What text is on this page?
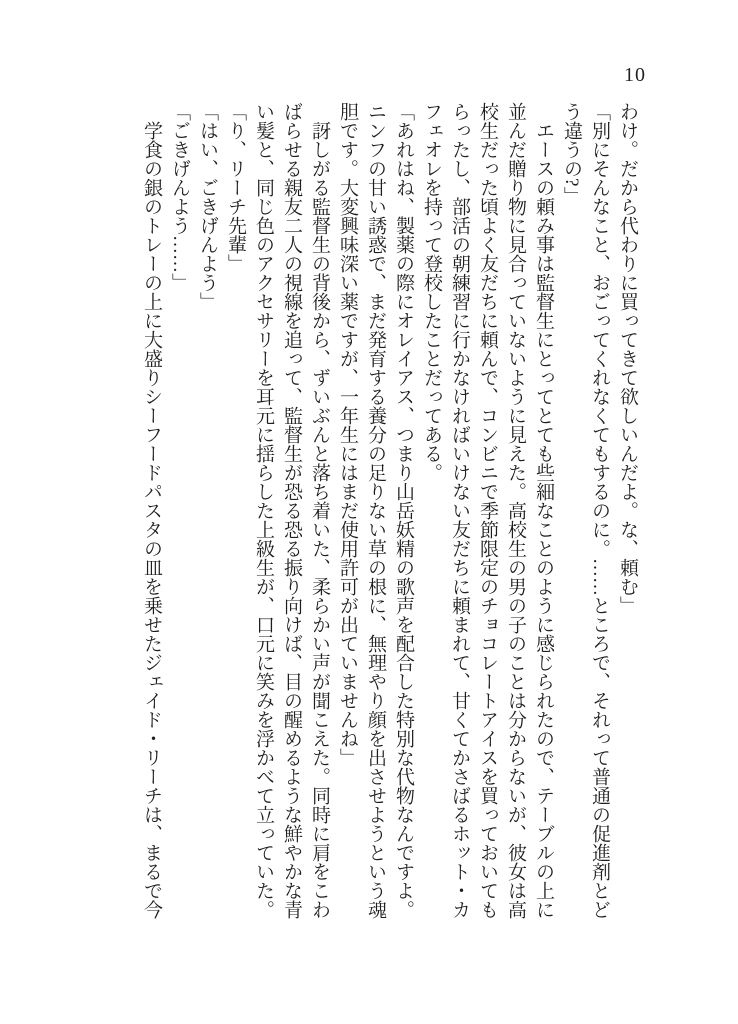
10

わけ。だから代わりに買ってきて欲しいんだよ。な、頼む」

「別にそんなこと、おごってくれなくてもするのに。……ところで、それって普通の促進剤とどう違うの?」

エースの頼み事は監督生にとってとても些細なことのように感じられたので、テーブルの上に並んだ贈り物に見合っていないように見えた。高校生の男の子のことは分からないが、彼女は高校生だった頃よく友だちに頼んで、コンビニで季節限定のチョコレートアイスを買っておいてもらったし、部活の朝練習に行かなければいけない友だちに頼まれて、甘くてかさばるホット・カフェオレを持って登校したことだってある。

「あれはね、製薬の際にオレイアス、つまり山岳妖精の歌声を配合した特別な代物なんですよ。ニンフの甘い誘惑で、まだ発育する養分の足りない草の根に、無理やり顔を出させようという魂胆です。大変興味深い薬ですが、一年生にはまだ使用許可が出ていませんね」

訝しがる監督生の背後から、ずいぶんと落ち着いた、柔らかい声が聞こえた。同時に肩をこわばらせる親友二人の視線を追って、監督生が恐る恐る振り向けば、目の醒めるような鮮やかな青い髪と、同じ色のアクセサリーを耳元に揺らした上級生が、口元に笑みを浮かべて立っていた。

「り、リーチ先輩」

「はい、ごきげんよう」

「ごきげんよう……」

学食の銀のトレーの上に大盛りシーフードパスタの皿を乗せたジェイド・リーチは、まるで今
